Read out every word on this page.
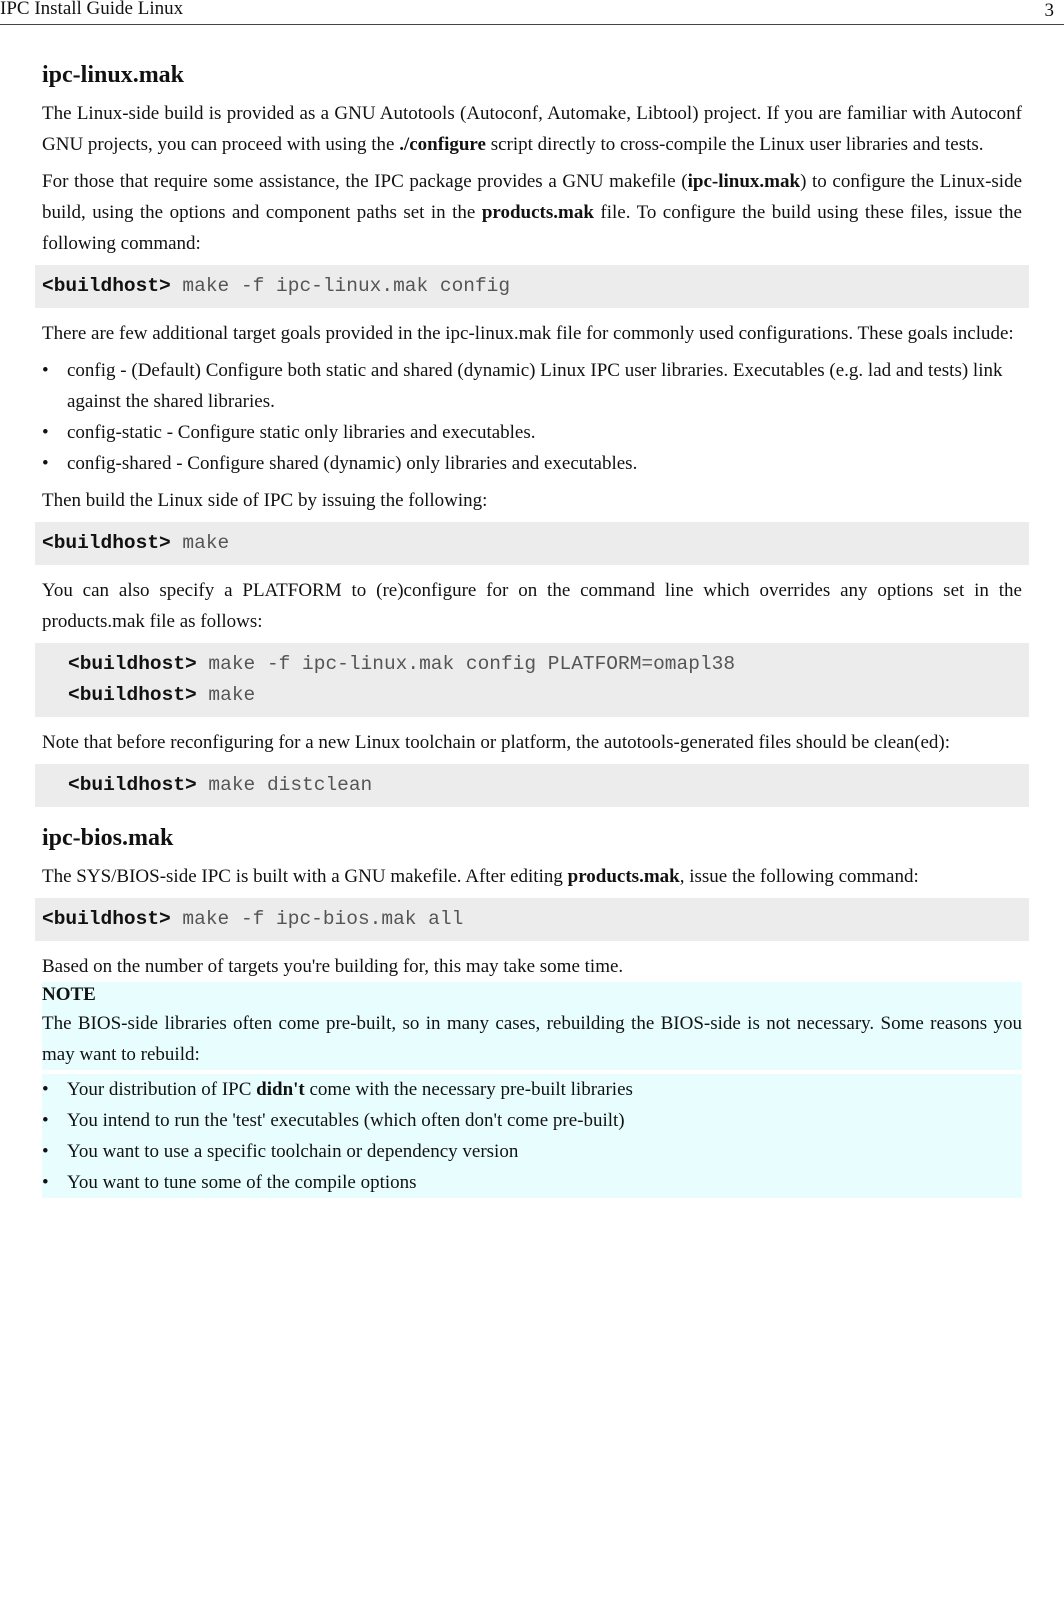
IPC Install Guide Linux	3
ipc-linux.mak

The Linux-side build is provided as a GNU Autotools (Autoconf, Automake, Libtool) project. If you are familiar with Autoconf GNU projects, you can proceed with using the ./configure script directly to cross-compile the Linux user libraries and tests.

For those that require some assistance, the IPC package provides a GNU makefile (ipc-linux.mak) to configure the Linux-side build, using the options and component paths set in the products.mak file. To configure the build using these files, issue the following command:

<buildhost> make -f ipc-linux.mak config

There are few additional target goals provided in the ipc-linux.mak file for commonly used configurations. These goals include:

• config - (Default) Configure both static and shared (dynamic) Linux IPC user libraries. Executables (e.g. lad and tests) link against the shared libraries.
• config-static - Configure static only libraries and executables.
• config-shared - Configure shared (dynamic) only libraries and executables.

Then build the Linux side of IPC by issuing the following:

<buildhost> make

You can also specify a PLATFORM to (re)configure for on the command line which overrides any options set in the products.mak file as follows:

<buildhost> make -f ipc-linux.mak config PLATFORM=omapl38
<buildhost> make

Note that before reconfiguring for a new Linux toolchain or platform, the autotools-generated files should be clean(ed):

<buildhost> make distclean
ipc-bios.mak

The SYS/BIOS-side IPC is built with a GNU makefile. After editing products.mak, issue the following command:

<buildhost> make -f ipc-bios.mak all

Based on the number of targets you're building for, this may take some time.

NOTE

The BIOS-side libraries often come pre-built, so in many cases, rebuilding the BIOS-side is not necessary. Some reasons you may want to rebuild:

• Your distribution of IPC didn't come with the necessary pre-built libraries
• You intend to run the 'test' executables (which often don't come pre-built)
• You want to use a specific toolchain or dependency version
• You want to tune some of the compile options
